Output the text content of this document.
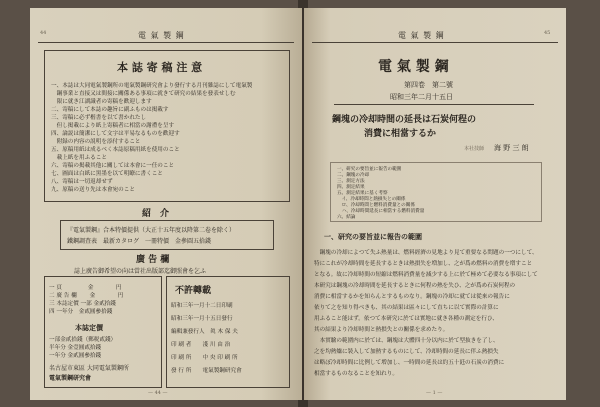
44	電 氣 製 鋼
本 誌 寄 稿 注 意
一、本誌は大同電氣製鋼所の電氣製鋼研究會より發行する月刊雜誌にして電氣製
　鋼事業と直接又は間接に關係ある事項に就きて研究の結果を發表せしむ
　限に就き江湖識者の寄稿を歡迎します
二、寄稿にして本誌の趣旨に副ふものは掲載す
三、寄稿に必ず楷書を以て書かれたし
　但し掲載により紙上寄稿者に相當の謝禮を呈す
四、論説は簡潔にして文字は平易なるものを歡迎す
　附録の内容の説明を添付すること
五、原稿用紙は成るべく本誌原稿用紙を使用のこと
　載上紙を用ふること
六、寄稿の掲載其他に關しては本會に一任のこと
七、圖面は白紙に黑墨を以て明瞭に書くこと
八、寄稿は一切返却せず
九、原稿の送り先は本會宛のこと
紹　介
『電氣製鋼』合本特價提供（大正十五年度以降第二卷を除く）
鐵鋼調査表　最新カタログ　一冊特價　金參圓五拾錢
廣 告 欄
誌上廣告御希望の向は當社出版部迄御照會を乞ふ
一 頁 　　　　 金　　　　円
二 廣 告 欄　　 金　　　　円
三 本誌定價 一部 金貳拾錢
四 一年分　金貳圓參拾錢
本誌定價
一部金貳拾錢（郵税貳錢）
半年分 金壹圓貳拾錢
一年分 金貳圓參拾錢
名古屋市東區 大同電氣製鋼所
電氣製鋼研究會
不許轉載
昭和三年一月十二日印刷
昭和三年一月十五日發行
編輯兼發行人　眞 木 保 夫
印 刷 者　　淺 川 由 治
印 刷 所　　中 央 印 刷 所
發 行 所　　電氣製鋼研究會
— 44 —
電 氣 製 鋼	45
電 氣 製 鋼
第四卷　第二號
昭和三年二月十五日
鋼塊の冷却時間の延長は石炭何程の
消費に相當するか
本社技師 海 野 三 朗
一、研究の要旨並に報告の範圍
二、鋼塊の冷却
三、測定方法
四、測定結果
五、測定結果に基く考察
　イ、冷却時間と熱損失との關係
　ロ、冷却時間と燃料消費量との關係
　ハ、冷却時間延長に相當する燃料消費量
六、結論
一、研究の要旨並に報告の範圍
　鋼塊の冷却によつて失ふ熱量は、燃料經濟の見地より見て重要なる問題の一つにして、
特にこれが冷却時間を延長するときは熱損失を増加し、之が爲め燃料の消費を増すこと
となる。故に冷却時間の短縮は燃料消費量を減少する上に於て極めて必要なる事項にして
本研究は鋼塊の冷却時間を延長するときに何程の熱を失ひ、之が爲め石炭何程の
消費に相當するかを知らんとするものなり。鋼塊の冷却に就ては從來の報告に
依りて之を知り得べきも、其の結果は區々にして直ちに以て實際の計算に
用ふること能はず。依つて本研究に於ては實地に就き各種の測定を行ひ、
其の結果より冷却時間と熱損失との關係を求めたり。
　本實驗の範圍内に於ては、鋼塊は大體四十分以内に於て型抜きを了し、
之を均熱爐に裝入して加熱するものにして、冷却時間の延長に伴ふ熱損失
は略ぼ冷却時間に比例して増加し、一時間の延長は約五十瓩の石炭の消費に
相當するものなることを知れり。
— 1 —
